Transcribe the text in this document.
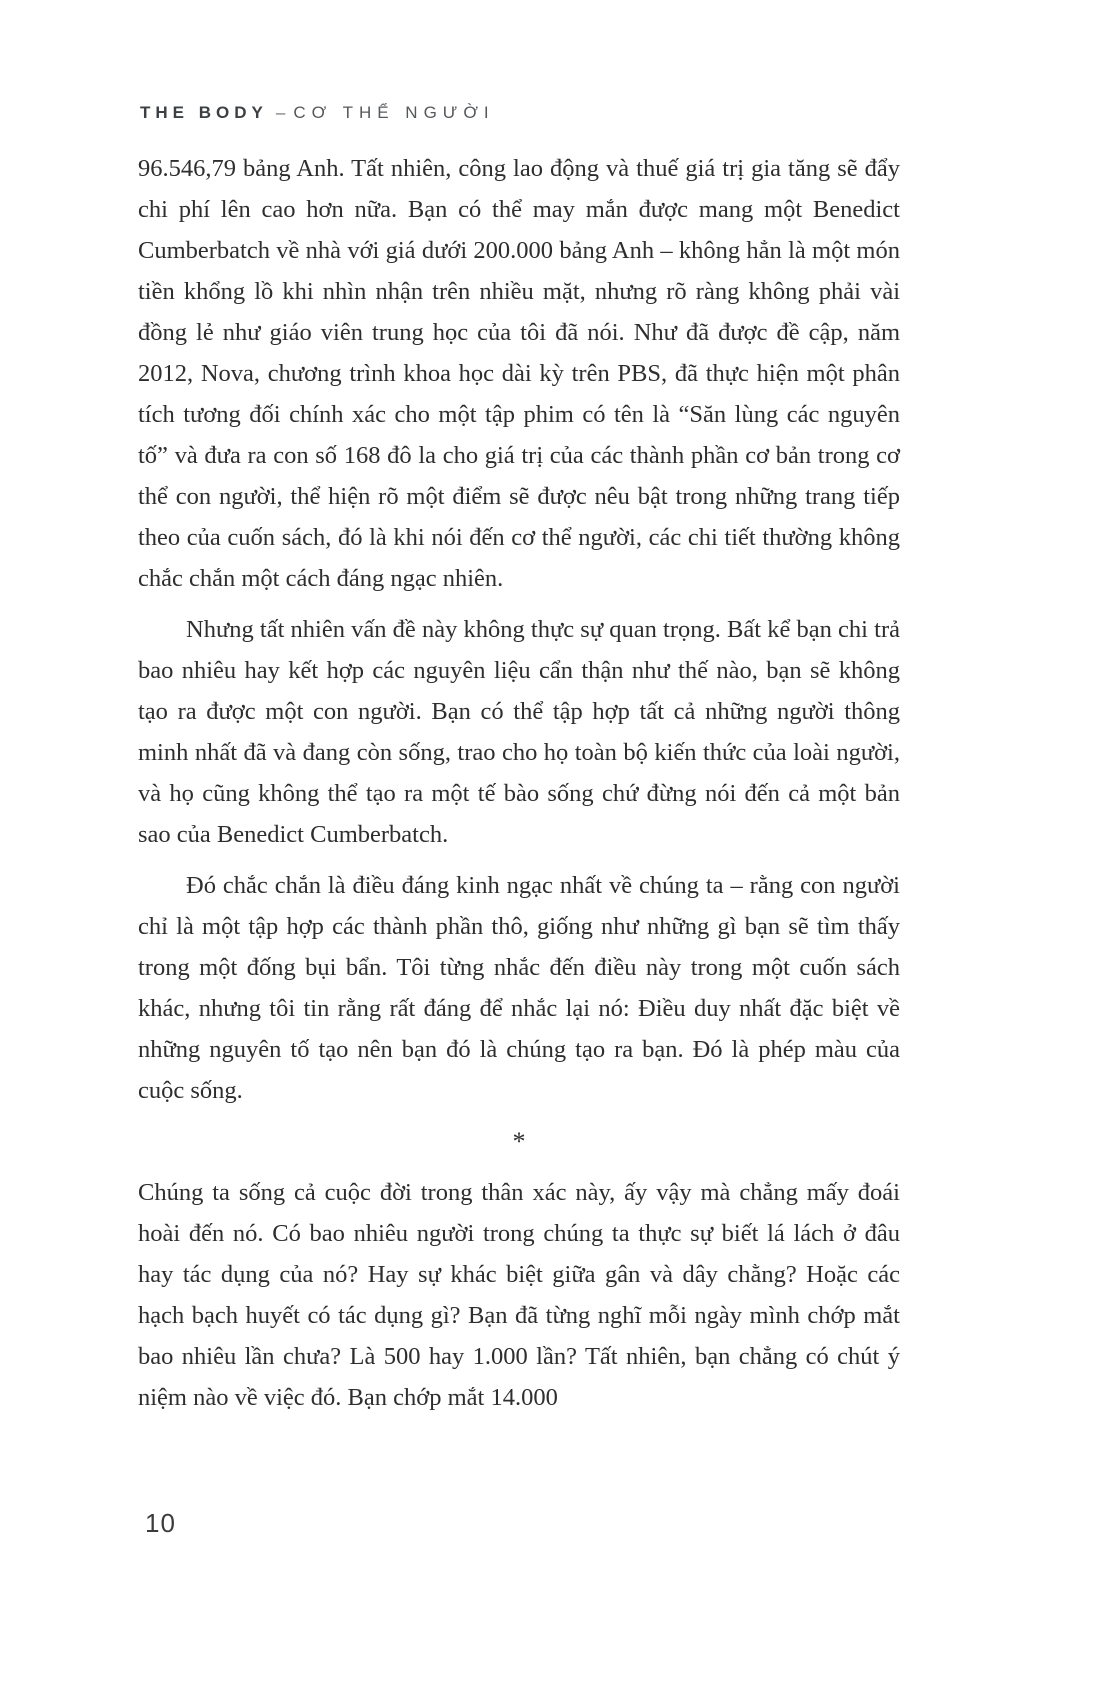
THE BODY – CƠ THỂ NGƯỜI

96.546,79 bảng Anh. Tất nhiên, công lao động và thuế giá trị gia tăng sẽ đẩy chi phí lên cao hơn nữa. Bạn có thể may mắn được mang một Benedict Cumberbatch về nhà với giá dưới 200.000 bảng Anh – không hẳn là một món tiền khổng lồ khi nhìn nhận trên nhiều mặt, nhưng rõ ràng không phải vài đồng lẻ như giáo viên trung học của tôi đã nói. Như đã được đề cập, năm 2012, Nova, chương trình khoa học dài kỳ trên PBS, đã thực hiện một phân tích tương đối chính xác cho một tập phim có tên là “Săn lùng các nguyên tố” và đưa ra con số 168 đô la cho giá trị của các thành phần cơ bản trong cơ thể con người, thể hiện rõ một điểm sẽ được nêu bật trong những trang tiếp theo của cuốn sách, đó là khi nói đến cơ thể người, các chi tiết thường không chắc chắn một cách đáng ngạc nhiên.

Nhưng tất nhiên vấn đề này không thực sự quan trọng. Bất kể bạn chi trả bao nhiêu hay kết hợp các nguyên liệu cẩn thận như thế nào, bạn sẽ không tạo ra được một con người. Bạn có thể tập hợp tất cả những người thông minh nhất đã và đang còn sống, trao cho họ toàn bộ kiến thức của loài người, và họ cũng không thể tạo ra một tế bào sống chứ đừng nói đến cả một bản sao của Benedict Cumberbatch.

Đó chắc chắn là điều đáng kinh ngạc nhất về chúng ta – rằng con người chỉ là một tập hợp các thành phần thô, giống như những gì bạn sẽ tìm thấy trong một đống bụi bẩn. Tôi từng nhắc đến điều này trong một cuốn sách khác, nhưng tôi tin rằng rất đáng để nhắc lại nó: Điều duy nhất đặc biệt về những nguyên tố tạo nên bạn đó là chúng tạo ra bạn. Đó là phép màu của cuộc sống.

*

Chúng ta sống cả cuộc đời trong thân xác này, ấy vậy mà chẳng mấy đoái hoài đến nó. Có bao nhiêu người trong chúng ta thực sự biết lá lách ở đâu hay tác dụng của nó? Hay sự khác biệt giữa gân và dây chằng? Hoặc các hạch bạch huyết có tác dụng gì? Bạn đã từng nghĩ mỗi ngày mình chớp mắt bao nhiêu lần chưa? Là 500 hay 1.000 lần? Tất nhiên, bạn chẳng có chút ý niệm nào về việc đó. Bạn chớp mắt 14.000

10
